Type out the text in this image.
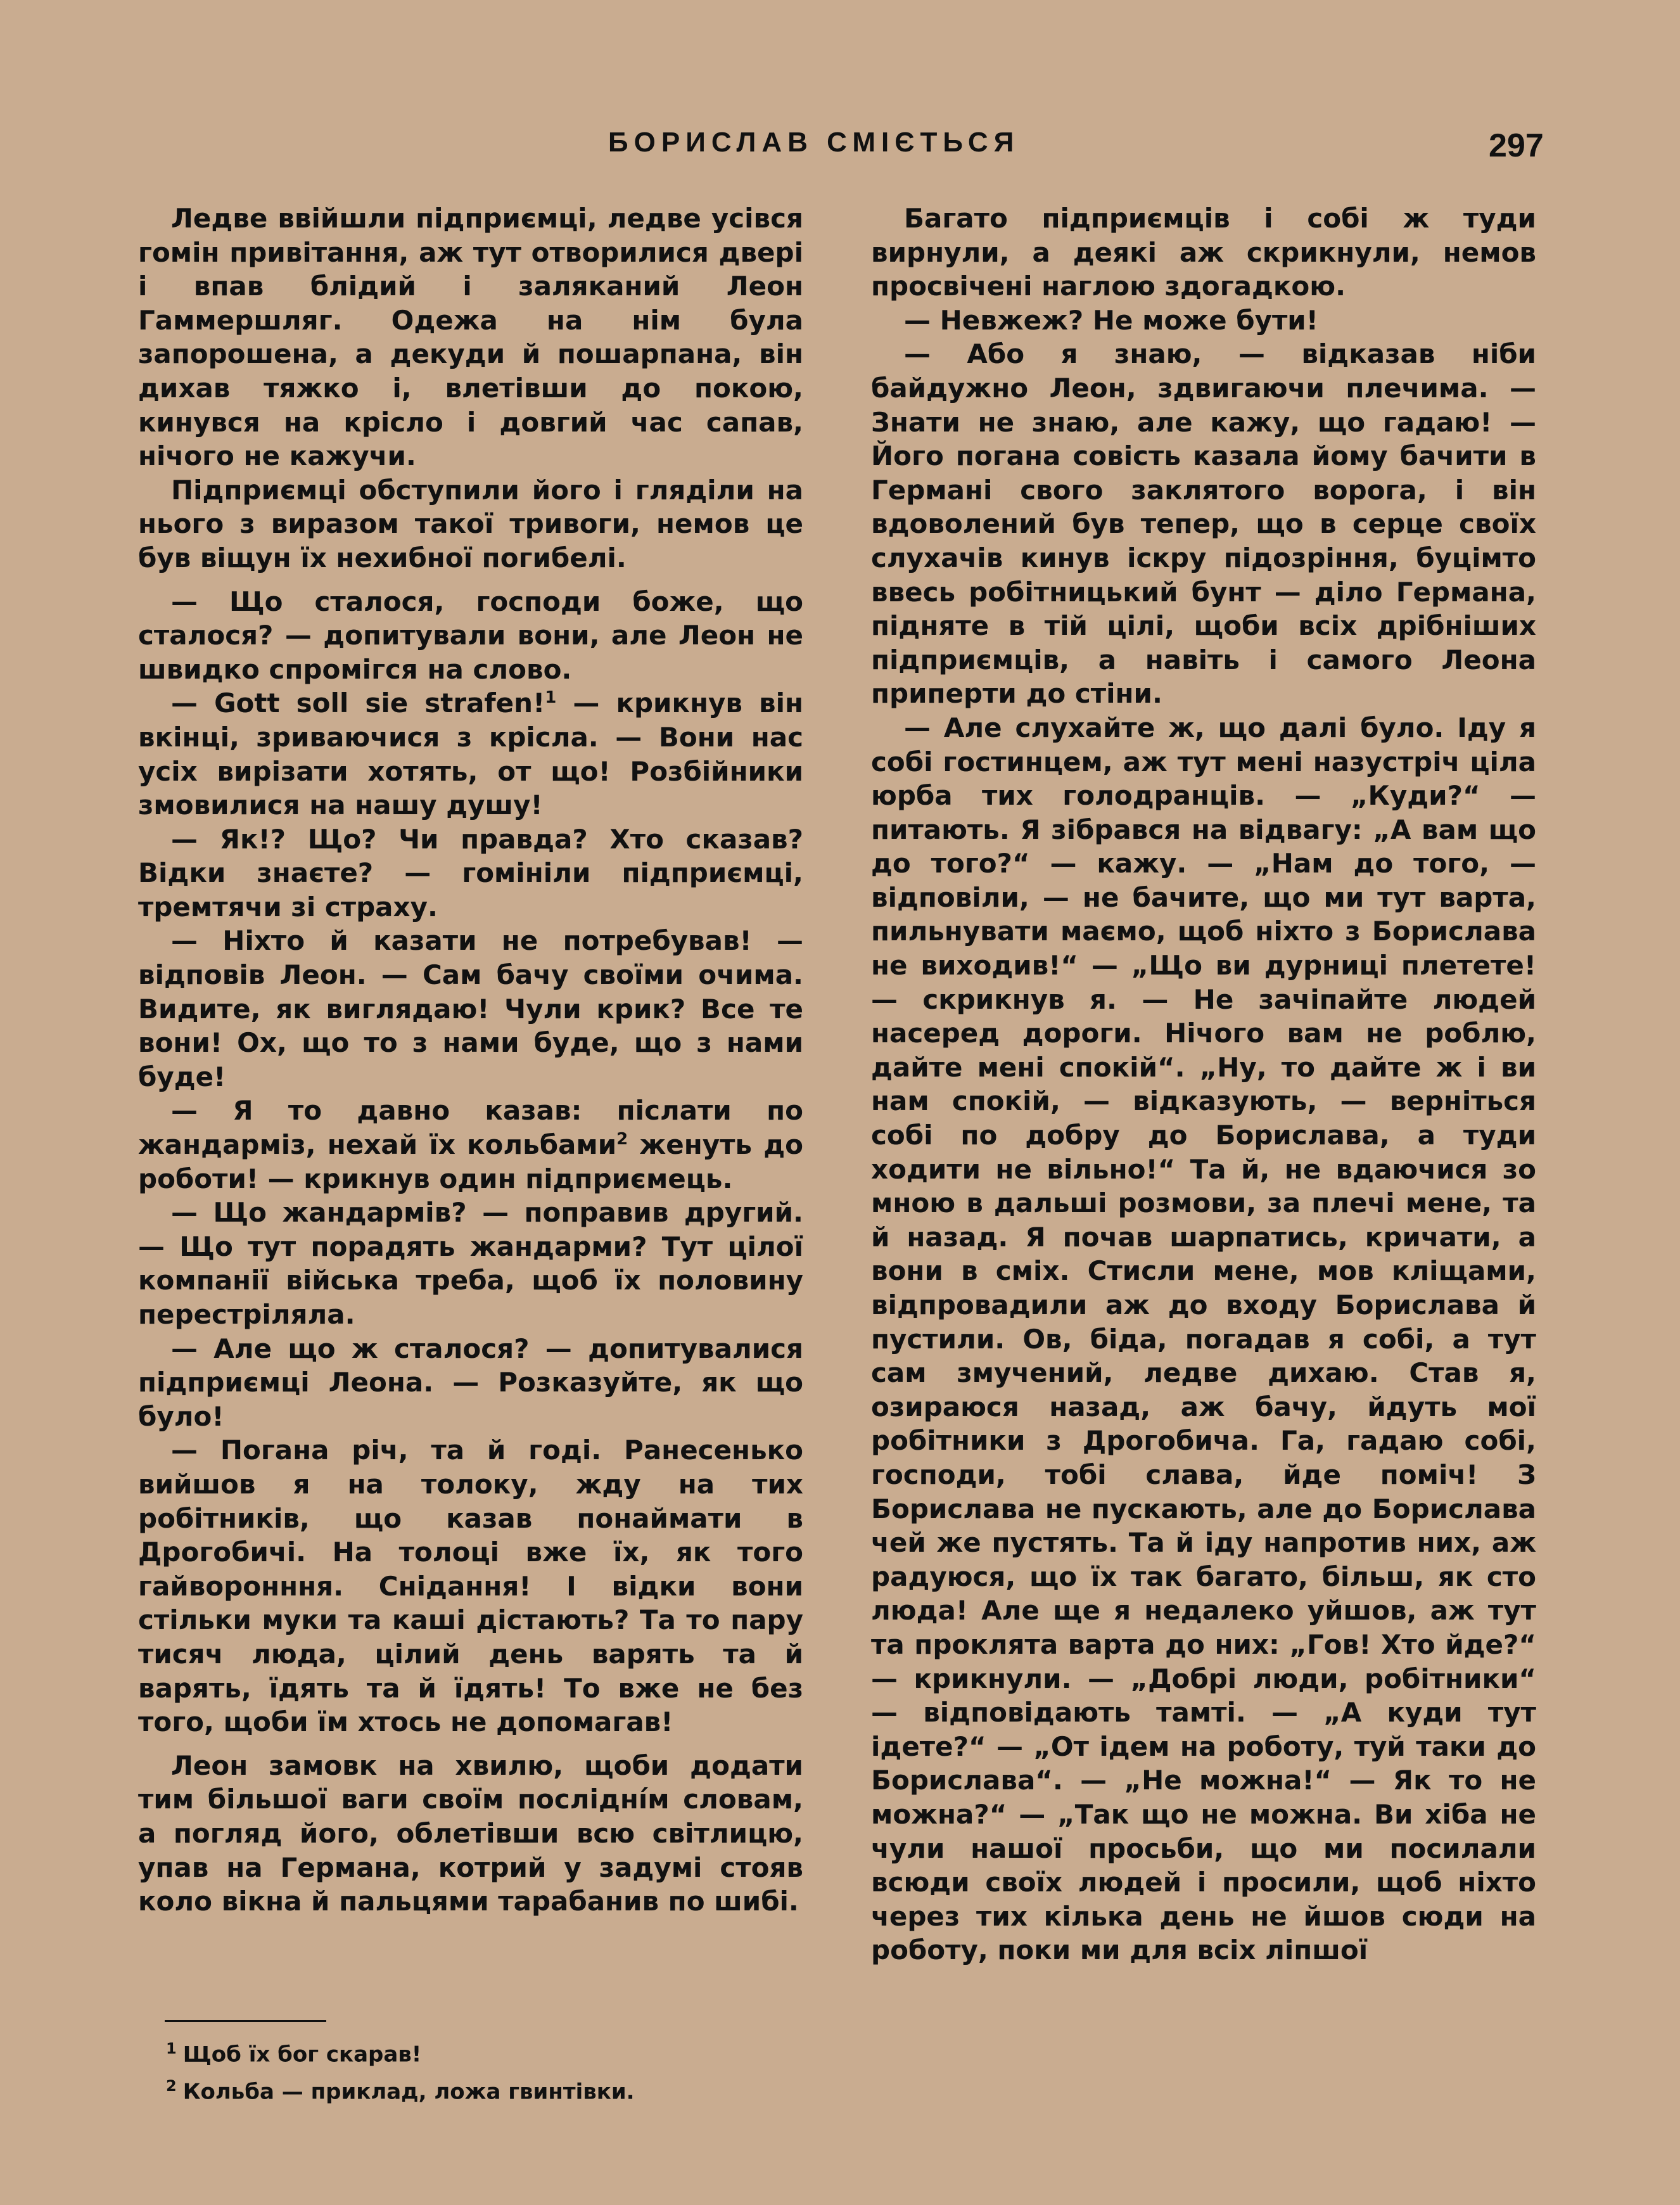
БОРИСЛАВ СМІЄТЬСЯ	297

Ледве ввійшли підприємці, ледве усівся гомін привітання, аж тут отворилися двері і впав блідий і заляканий Леон Гаммершляг. Одежа на нім була запорошена, а декуди й пошарпана, він дихав тяжко і, влетівши до покою, кинувся на крісло і довгий час сапав, нічого не кажучи.

Підприємці обступили його і гляділи на нього з виразом такої тривоги, немов це був віщун їх нехибної погибелі.

— Що сталося, господи боже, що сталося? — допитували вони, але Леон не швидко спромігся на слово.

— Gott soll sie strafen!$^1$ — крикнув він вкінці, зриваючися з крісла. — Вони нас усіх вирізати хотять, от що! Розбійники змовилися на нашу душу!

— Як!? Що? Чи правда? Хто сказав? Відки знаєте? — гомініли підприємці, тремтячи зі страху.

— Ніхто й казати не потребував! — відповів Леон. — Сам бачу своїми очима. Видите, як виглядаю! Чули крик? Все те вони! Ох, що то з нами буде, що з нами буде!

— Я то давно казав: післати по жандарміз, нехай їх кольбами$^2$ женуть до роботи! — крикнув один підприємець.

— Що жандармів? — поправив другий. — Що тут порадять жандарми? Тут цілої компанії війська треба, щоб їх половину перестріляла.

— Але що ж сталося? — допитувалися підприємці Леона. — Розказуйте, як що було!

— Погана річ, та й годі. Ранесенько вийшов я на толоку, жду на тих робітників, що казав понаймати в Дрогобичі. На толоці вже їх, як того гайворонння. Снідання! І відки вони стільки муки та каші дістають? Та то пару тисяч люда, цілий день варять та й варять, їдять та й їдять! То вже не без того, щоби їм хтось не допомагав!

Леон замовк на хвилю, щоби додати тим більшої ваги своїм послідні́м словам, а погляд його, облетівши всю світлицю, упав на Германа, котрий у задумі стояв коло вікна й пальцями тарабанив по шибі.

Багато підприємців і собі ж туди вирнули, а деякі аж скрикнули, немов просвічені наглою здогадкою.

— Невжеж? Не може бути!

— Або я знаю, — відказав ніби байдужно Леон, здвигаючи плечима. — Знати не знаю, але кажу, що гадаю! — Його погана совість казала йому бачити в Германі свого заклятого ворога, і він вдоволений був тепер, що в серце своїх слухачів кинув іскру підозріння, буцімто ввесь робітницький бунт — діло Германа, підняте в тій цілі, щоби всіх дрібніших підприємців, а навіть і самого Леона приперти до стіни.

— Але слухайте ж, що далі було. Іду я собі гостинцем, аж тут мені назустріч ціла юрба тих голодранців. — „Куди?“ — питають. Я зібрався на відвагу: „А вам що до того?“ — кажу. — „Нам до того, — відповіли, — не бачите, що ми тут варта, пильнувати маємо, щоб ніхто з Борислава не виходив!“ — „Що ви дурниці плетете! — скрикнув я. — Не зачіпайте людей насеред дороги. Нічого вам не роблю, дайте мені спокій“. „Ну, то дайте ж і ви нам спокій, — відказують, — верніться собі по добру до Борислава, а туди ходити не вільно!“ Та й, не вдаючися зо мною в дальші розмови, за плечі мене, та й назад. Я почав шарпатись, кричати, а вони в сміх. Стисли мене, мов кліщами, відпровадили аж до входу Борислава й пустили. Ов, біда, погадав я собі, а тут сам змучений, ледве дихаю. Став я, озираюся назад, аж бачу, йдуть мої робітники з Дрогобича. Га, гадаю собі, господи, тобі слава, йде поміч! З Борислава не пускають, але до Борислава чей же пустять. Та й іду напротив них, аж радуюся, що їх так багато, більш, як сто люда! Але ще я недалеко уйшов, аж тут та проклята варта до них: „Гов! Хто йде?“ — крикнули. — „Добрі люди, робітники“ — відповідають тамті. — „А куди тут ідете?“ — „От ідем на роботу, туй таки до Борислава“. — „Не можна!“ — Як то не можна?“ — „Так що не можна. Ви хіба не чули нашої просьби, що ми посилали всюди своїх людей і просили, щоб ніхто через тих кілька день не йшов сюди на роботу, поки ми для всіх ліпшої

$^1$ Щоб їх бог скарав!
$^2$ Кольба — приклад, ложа гвинтівки.
